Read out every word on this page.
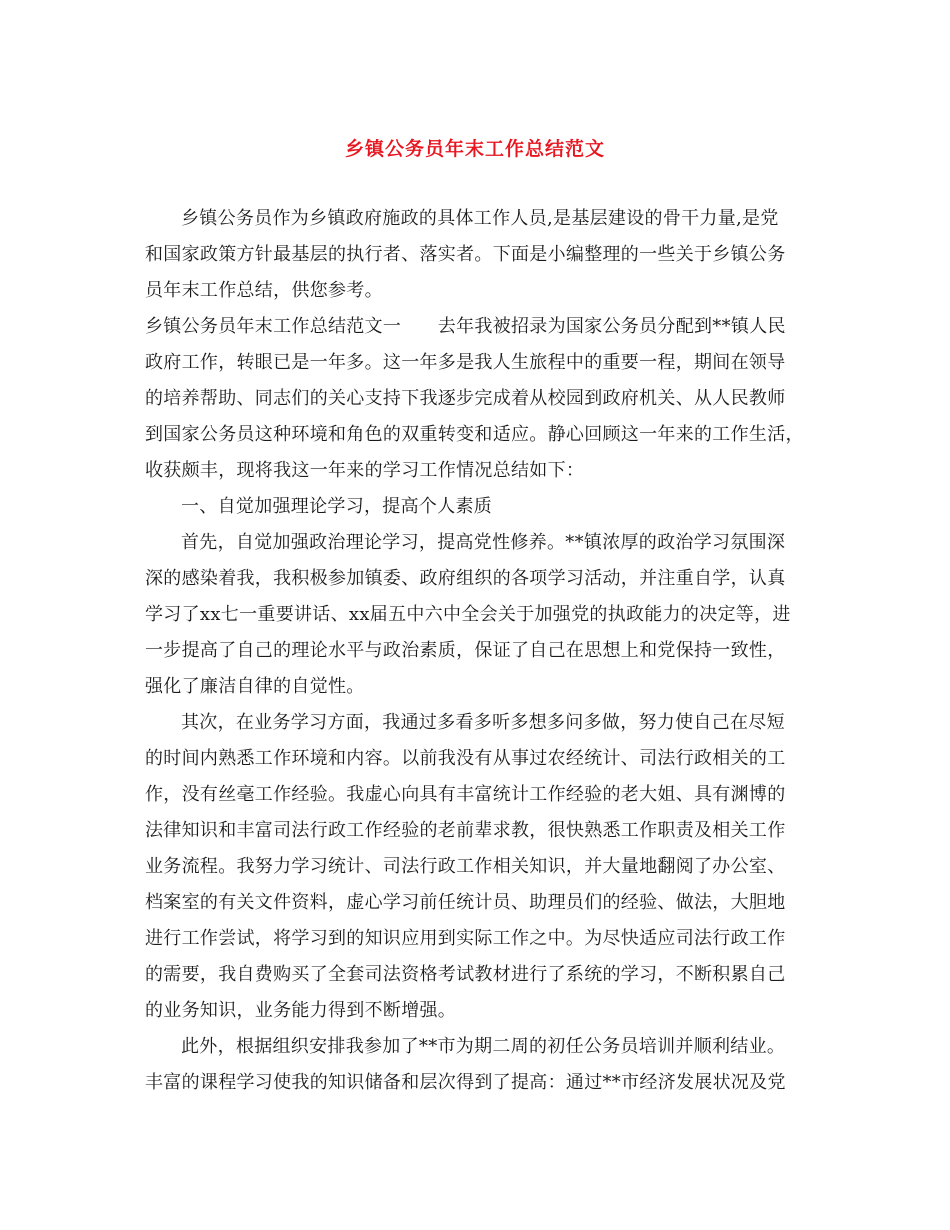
乡镇公务员年末工作总结范文

乡镇公务员作为乡镇政府施政的具体工作人员,是基层建设的骨干力量,是党

和国家政策方针最基层的执行者、落实者。下面是小编整理的一些关于乡镇公务

员年末工作总结，供您参考。

乡镇公务员年末工作总结范文一　　去年我被招录为国家公务员分配到**镇人民

政府工作，转眼已是一年多。这一年多是我人生旅程中的重要一程，期间在领导

的培养帮助、同志们的关心支持下我逐步完成着从校园到政府机关、从人民教师

到国家公务员这种环境和角色的双重转变和适应。静心回顾这一年来的工作生活，

收获颇丰，现将我这一年来的学习工作情况总结如下：

一、自觉加强理论学习，提高个人素质

首先，自觉加强政治理论学习，提高党性修养。**镇浓厚的政治学习氛围深

深的感染着我，我积极参加镇委、政府组织的各项学习活动，并注重自学，认真

学习了xx七一重要讲话、xx届五中六中全会关于加强党的执政能力的决定等，进

一步提高了自己的理论水平与政治素质，保证了自己在思想上和党保持一致性，

强化了廉洁自律的自觉性。

其次，在业务学习方面，我通过多看多听多想多问多做，努力使自己在尽短

的时间内熟悉工作环境和内容。以前我没有从事过农经统计、司法行政相关的工

作，没有丝毫工作经验。我虚心向具有丰富统计工作经验的老大姐、具有渊博的

法律知识和丰富司法行政工作经验的老前辈求教，很快熟悉工作职责及相关工作

业务流程。我努力学习统计、司法行政工作相关知识，并大量地翻阅了办公室、

档案室的有关文件资料，虚心学习前任统计员、助理员们的经验、做法，大胆地

进行工作尝试，将学习到的知识应用到实际工作之中。为尽快适应司法行政工作

的需要，我自费购买了全套司法资格考试教材进行了系统的学习，不断积累自己

的业务知识，业务能力得到不断增强。

此外，根据组织安排我参加了**市为期二周的初任公务员培训并顺利结业。

丰富的课程学习使我的知识储备和层次得到了提高：通过**市经济发展状况及党
